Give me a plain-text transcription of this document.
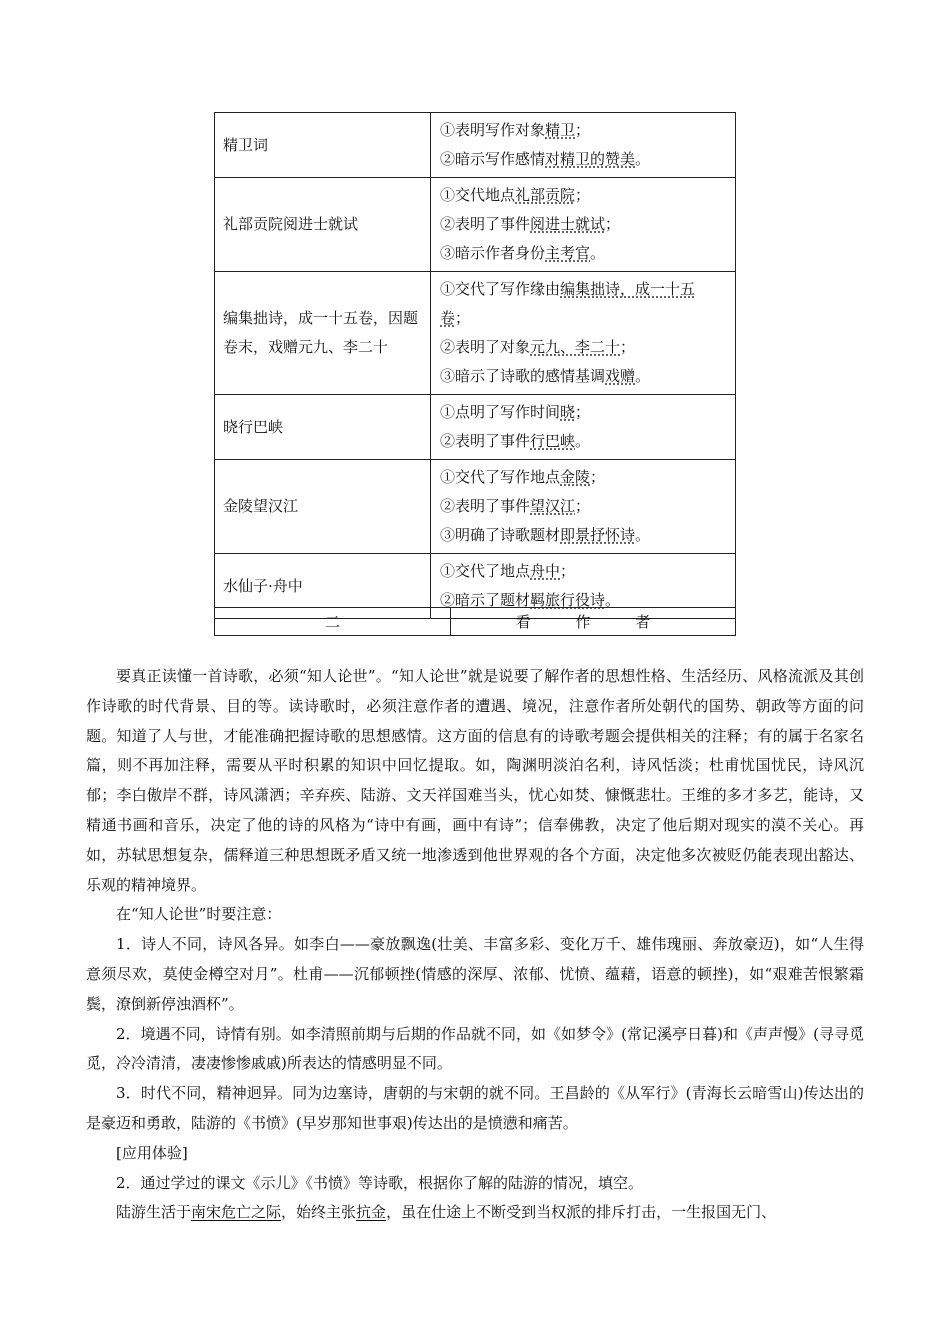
精卫词	①表明写作对象精卫；
②暗示写作感情对精卫的赞美。

礼部贡院阅进士就试	①交代地点礼部贡院；
②表明了事件阅进士就试；
③暗示作者身份主考官。

编集拙诗，成一十五卷，因题卷末，戏赠元九、李二十	①交代了写作缘由编集拙诗，成一十五
卷；
②表明了对象元九、李二十；
③暗示了诗歌的感情基调戏赠。

晓行巴峡	①点明了写作时间晓；
②表明了事件行巴峡。

金陵望汉江	①交代了写作地点金陵；
②表明了事件望汉江；
③明确了诗歌题材即景抒怀诗。

水仙子·舟中	①交代了地点舟中；
②暗示了题材羁旅行役诗。
二	看 作 者

要真正读懂一首诗歌，必须“知人论世”。“知人论世”就是说要了解作者的思想性格、生活经历、风格流派及其创作诗歌的时代背景、目的等。读诗歌时，必须注意作者的遭遇、境况，注意作者所处朝代的国势、朝政等方面的问题。知道了人与世，才能准确把握诗歌的思想感情。这方面的信息有的诗歌考题会提供相关的注释；有的属于名家名篇，则不再加注释，需要从平时积累的知识中回忆提取。如，陶渊明淡泊名利，诗风恬淡；杜甫忧国忧民，诗风沉郁；李白傲岸不群，诗风潇洒；辛弃疾、陆游、文天祥国难当头，忧心如焚、慷慨悲壮。王维的多才多艺，能诗，又精通书画和音乐，决定了他的诗的风格为“诗中有画，画中有诗”；信奉佛教，决定了他后期对现实的漠不关心。再如，苏轼思想复杂，儒释道三种思想既矛盾又统一地渗透到他世界观的各个方面，决定他多次被贬仍能表现出豁达、乐观的精神境界。

在“知人论世”时要注意：

1．诗人不同，诗风各异。如李白——豪放飘逸(壮美、丰富多彩、变化万千、雄伟瑰丽、奔放豪迈)，如“人生得意须尽欢，莫使金樽空对月”。杜甫——沉郁顿挫(情感的深厚、浓郁、忧愤、蕴藉，语意的顿挫)，如“艰难苦恨繁霜鬓，潦倒新停浊酒杯”。

2．境遇不同，诗情有别。如李清照前期与后期的作品就不同，如《如梦令》(常记溪亭日暮)和《声声慢》(寻寻觅觅，冷冷清清，凄凄惨惨戚戚)所表达的情感明显不同。

3．时代不同，精神迥异。同为边塞诗，唐朝的与宋朝的就不同。王昌龄的《从军行》(青海长云暗雪山)传达出的是豪迈和勇敢，陆游的《书愤》(早岁那知世事艰)传达出的是愤懑和痛苦。

[应用体验]

2．通过学过的课文《示儿》《书愤》等诗歌，根据你了解的陆游的情况，填空。

陆游生活于南宋危亡之际，始终主张抗金，虽在仕途上不断受到当权派的排斥打击，一生报国无门、
